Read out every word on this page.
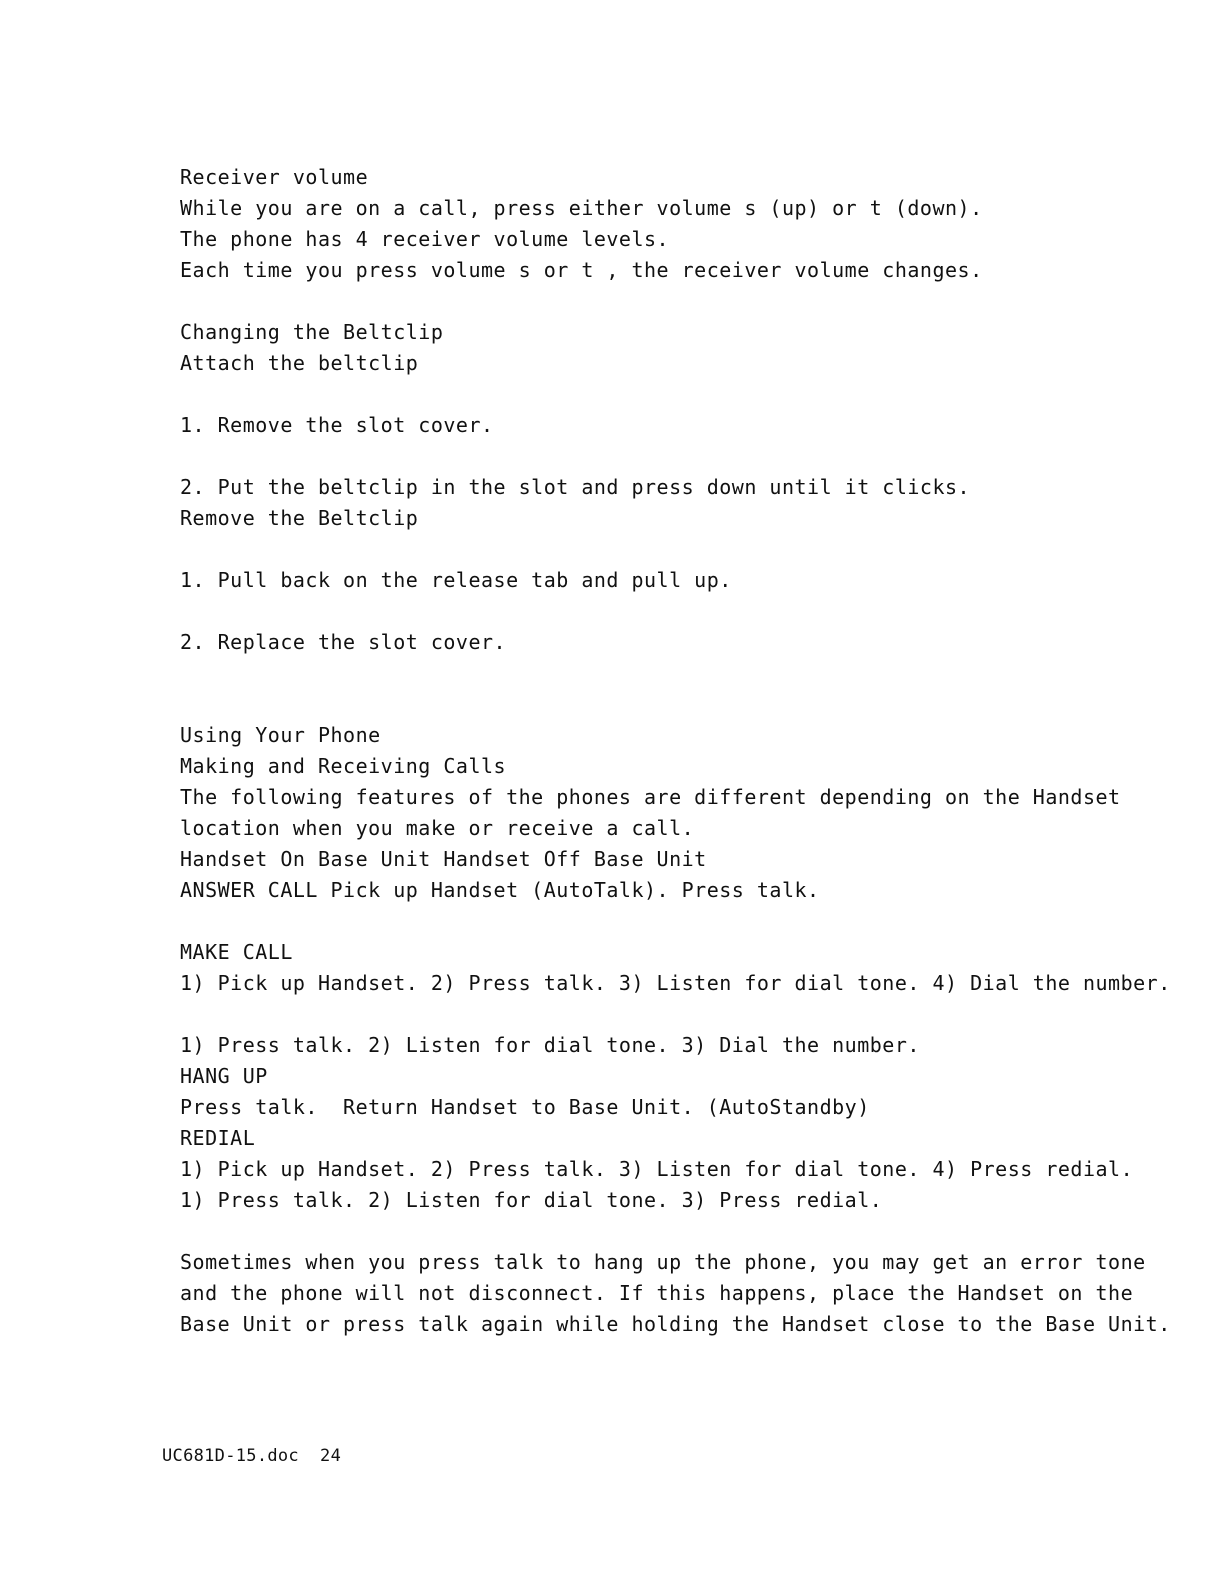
Receiver volume
While you are on a call, press either volume s (up) or t (down).
The phone has 4 receiver volume levels.
Each time you press volume s or t , the receiver volume changes.
Changing the Beltclip
Attach the beltclip
1. Remove the slot cover.
2. Put the beltclip in the slot and press down until it clicks.
Remove the Beltclip
1. Pull back on the release tab and pull up.
2. Replace the slot cover.
Using Your Phone
Making and Receiving Calls
The following features of the phones are different depending on the Handset
location when you make or receive a call.
Handset On Base Unit Handset Off Base Unit
ANSWER CALL Pick up Handset (AutoTalk). Press talk.
MAKE CALL
1) Pick up Handset. 2) Press talk. 3) Listen for dial tone. 4) Dial the number.
1) Press talk. 2) Listen for dial tone. 3) Dial the number.
HANG UP
Press talk.  Return Handset to Base Unit. (AutoStandby)
REDIAL
1) Pick up Handset. 2) Press talk. 3) Listen for dial tone. 4) Press redial.
1) Press talk. 2) Listen for dial tone. 3) Press redial.
Sometimes when you press talk to hang up the phone, you may get an error tone
and the phone will not disconnect. If this happens, place the Handset on the
Base Unit or press talk again while holding the Handset close to the Base Unit.
UC681D-15.doc 24
